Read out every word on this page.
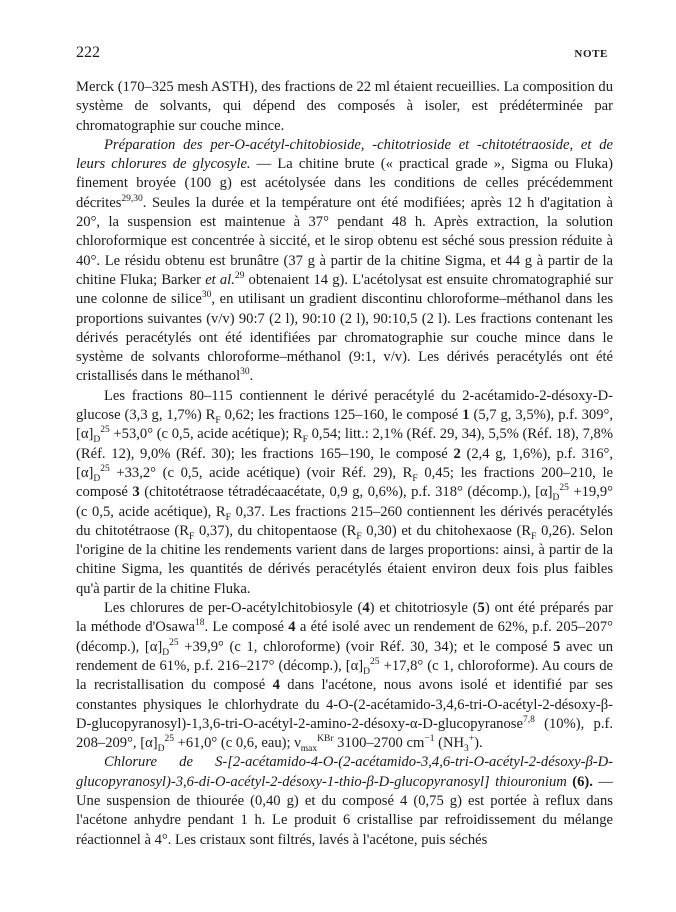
222	NOTE

Merck (170–325 mesh ASTH), des fractions de 22 ml étaient recueillies. La composition du système de solvants, qui dépend des composés à isoler, est prédéterminée par chromatographie sur couche mince.

Préparation des per-O-acétyl-chitobioside, -chitotrioside et -chitotétraoside, et de leurs chlorures de glycosyle. — La chitine brute (« practical grade », Sigma ou Fluka) finement broyée (100 g) est acétolysée dans les conditions de celles précédemment décrites$^{29,30}$. Seules la durée et la température ont été modifiées; après 12 h d'agitation à 20°, la suspension est maintenue à 37° pendant 48 h. Après extraction, la solution chloroformique est concentrée à siccité, et le sirop obtenu est séché sous pression réduite à 40°. Le résidu obtenu est brunâtre (37 g à partir de la chitine Sigma, et 44 g à partir de la chitine Fluka; Barker et al.$^{29}$ obtenaient 14 g). L'acétolysat est ensuite chromatographié sur une colonne de silice$^{30}$, en utilisant un gradient discontinu chloroforme–méthanol dans les proportions suivantes (v/v) 90:7 (2 l), 90:10 (2 l), 90:10,5 (2 l). Les fractions contenant les dérivés peracétylés ont été identifiées par chromatographie sur couche mince dans le système de solvants chloroforme–méthanol (9:1, v/v). Les dérivés peracétylés ont été cristallisés dans le méthanol$^{30}$.

Les fractions 80–115 contiennent le dérivé peracétylé du 2-acétamido-2-désoxy-D-glucose (3,3 g, 1,7%) $R_F$ 0,62; les fractions 125–160, le composé 1 (5,7 g, 3,5%), p.f. 309°, $[\alpha]_D^{25} +53,0^\circ$ (c 0,5, acide acétique); $R_F$ 0,54; litt.: 2,1% (Réf. 29, 34), 5,5% (Réf. 18), 7,8% (Réf. 12), 9,0% (Réf. 30); les fractions 165–190, le composé 2 (2,4 g, 1,6%), p.f. 316°, $[\alpha]_D^{25} +33,2^\circ$ (c 0,5, acide acétique) (voir Réf. 29), $R_F$ 0,45; les fractions 200–210, le composé 3 (chitotétraose tétradécaacétate, 0,9 g, 0,6%), p.f. 318° (décomp.), $[\alpha]_D^{25} +19,9^\circ$ (c 0,5, acide acétique), $R_F$ 0,37. Les fractions 215–260 contiennent les dérivés peracétylés du chitotétraose ($R_F$ 0,37), du chitopentaose ($R_F$ 0,30) et du chitohexaose ($R_F$ 0,26). Selon l'origine de la chitine les rendements varient dans de larges proportions: ainsi, à partir de la chitine Sigma, les quantités de dérivés peracétylés étaient environ deux fois plus faibles qu'à partir de la chitine Fluka.

Les chlorures de per-O-acétylchitobiosyle (4) et chitotriosyle (5) ont été préparés par la méthode d'Osawa$^{18}$. Le composé 4 a été isolé avec un rendement de 62%, p.f. 205–207° (décomp.), $[\alpha]_D^{25} +39,9^\circ$ (c 1, chloroforme) (voir Réf. 30, 34); et le composé 5 avec un rendement de 61%, p.f. 216–217° (décomp.), $[\alpha]_D^{25} +17,8^\circ$ (c 1, chloroforme). Au cours de la recristallisation du composé 4 dans l'acétone, nous avons isolé et identifié par ses constantes physiques le chlorhydrate du 4-O-(2-acétamido-3,4,6-tri-O-acétyl-2-désoxy-β-D-glucopyranosyl)-1,3,6-tri-O-acétyl-2-amino-2-désoxy-α-D-glucopyranose$^{7,8}$ (10%), p.f. 208–209°, $[\alpha]_D^{25} +61,0^\circ$ (c 0,6, eau); $\nu_{max}^{KBr}$ 3100–2700 $cm^{-1}$ $(NH_3^+)$.

Chlorure de S-[2-acétamido-4-O-(2-acétamido-3,4,6-tri-O-acétyl-2-désoxy-β-D-glucopyranosyl)-3,6-di-O-acétyl-2-désoxy-1-thio-β-D-glucopyranosyl] thiouronium (6). — Une suspension de thiourée (0,40 g) et du composé 4 (0,75 g) est portée à reflux dans l'acétone anhydre pendant 1 h. Le produit 6 cristallise par refroidissement du mélange réactionnel à 4°. Les cristaux sont filtrés, lavés à l'acétone, puis séchés
